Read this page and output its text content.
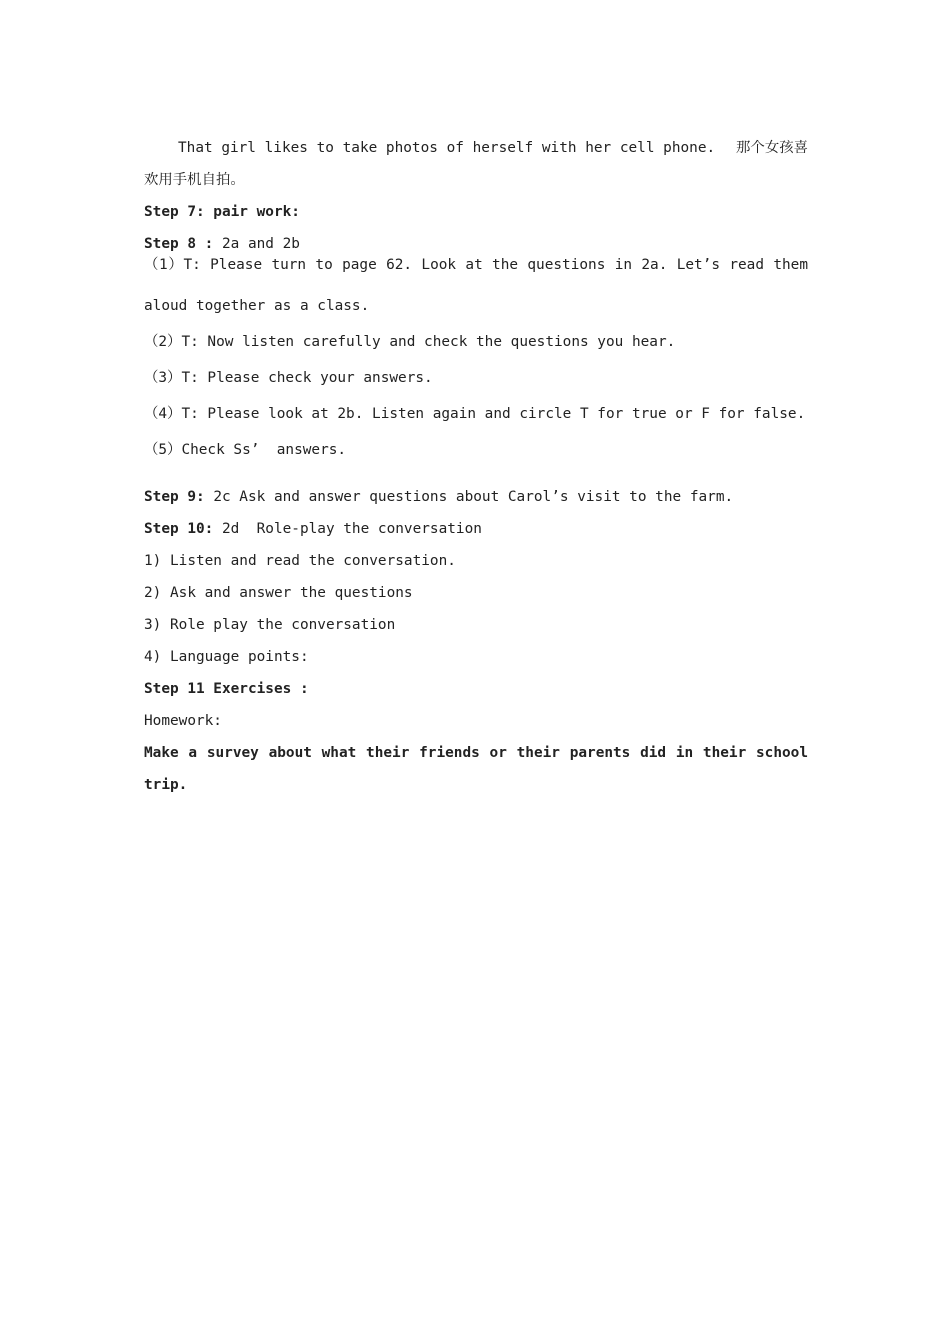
That girl likes to take photos of herself with her cell phone. 那个女孩喜
欢用手机自拍。
Step 7: pair work:
Step 8 : 2a and 2b
（1）T: Please turn to page 62. Look at the questions in 2a. Let’s read them
aloud together as a class.
（2）T: Now listen carefully and check the questions you hear.
（3）T: Please check your answers.
（4）T: Please look at 2b. Listen again and circle T for true or F for false.
（5）Check Ss’  answers.
Step 9: 2c Ask and answer questions about Carol’s visit to the farm.
Step 10: 2d  Role-play the conversation
1) Listen and read the conversation.
2) Ask and answer the questions
3) Role play the conversation
4) Language points:
Step 11 Exercises :
Homework:
Make a survey about what their friends or their parents did in their school
trip.
